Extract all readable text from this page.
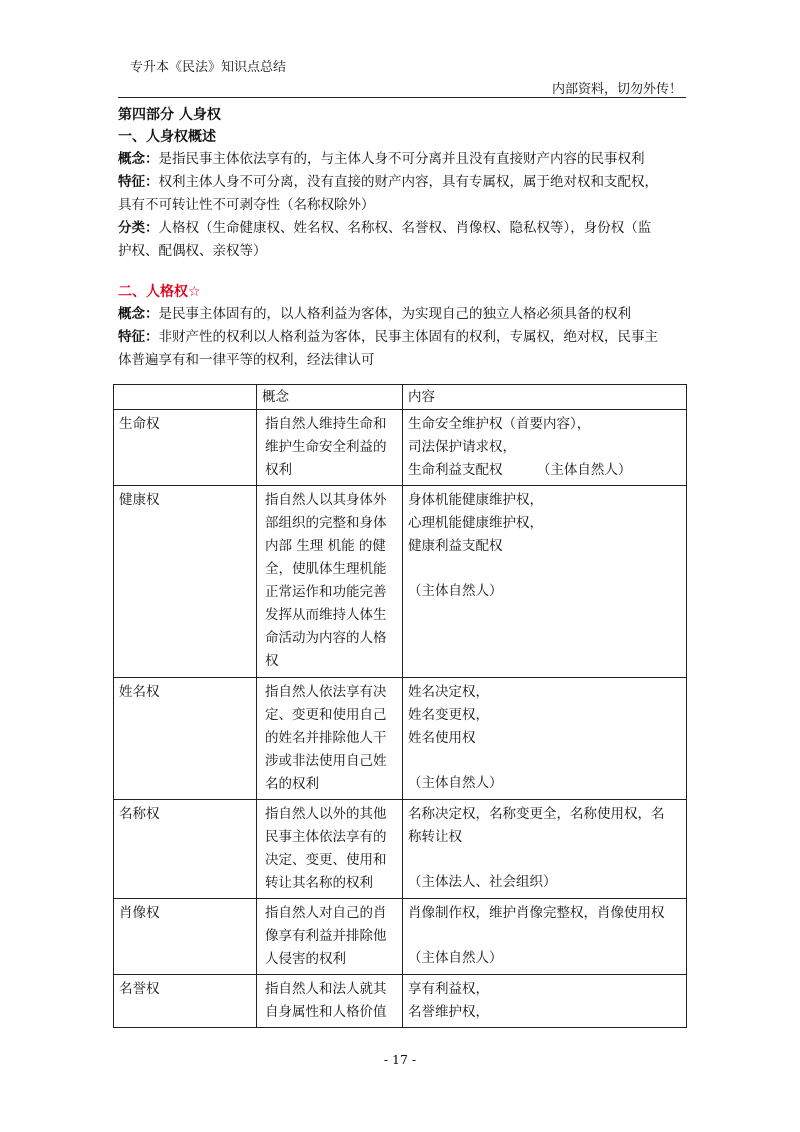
专升本《民法》知识点总结
内部资料，切勿外传！
第四部分 人身权
一、人身权概述

概念：是指民事主体依法享有的，与主体人身不可分离并且没有直接财产内容的民事权利

特征：权利主体人身不可分离，没有直接的财产内容，具有专属权，属于绝对权和支配权，

具有不可转让性不可剥夺性（名称权除外）

分类：人格权（生命健康权、姓名权、名称权、名誉权、肖像权、隐私权等），身份权（监

护权、配偶权、亲权等）

二、人格权☆

概念：是民事主体固有的，以人格利益为客体，为实现自己的独立人格必须具备的权利

特征：非财产性的权利以人格利益为客体，民事主体固有的权利，专属权，绝对权，民事主

体普遍享有和一律平等的权利，经法律认可

	概念	内容
生命权	指自然人维持生命和维护生命安全利益的权利	生命安全维护权（首要内容），
司法保护请求权，
生命利益支配权        （主体自然人）

健康权	指自然人以其身体外部组织的完整和身体内部 生理 机能 的健全，使肌体生理机能正常运作和功能完善发挥从而维持人体生命活动为内容的人格权	身体机能健康维护权，
心理机能健康维护权，
健康利益支配权
（主体自然人）

姓名权	指自然人依法享有决定、变更和使用自己的姓名并排除他人干涉或非法使用自己姓名的权利	姓名决定权，
姓名变更权，
姓名使用权
（主体自然人）

名称权	指自然人以外的其他民事主体依法享有的决定、变更、使用和转让其名称的权利	名称决定权，名称变更全，名称使用权，名
称转让权
（主体法人、社会组织）

肖像权	指自然人对自己的肖像享有利益并排除他人侵害的权利	肖像制作权，维护肖像完整权，肖像使用权
（主体自然人）

名誉权	指自然人和法人就其自身属性和人格价值	享有利益权，
名誉维护权，
- 17 -
